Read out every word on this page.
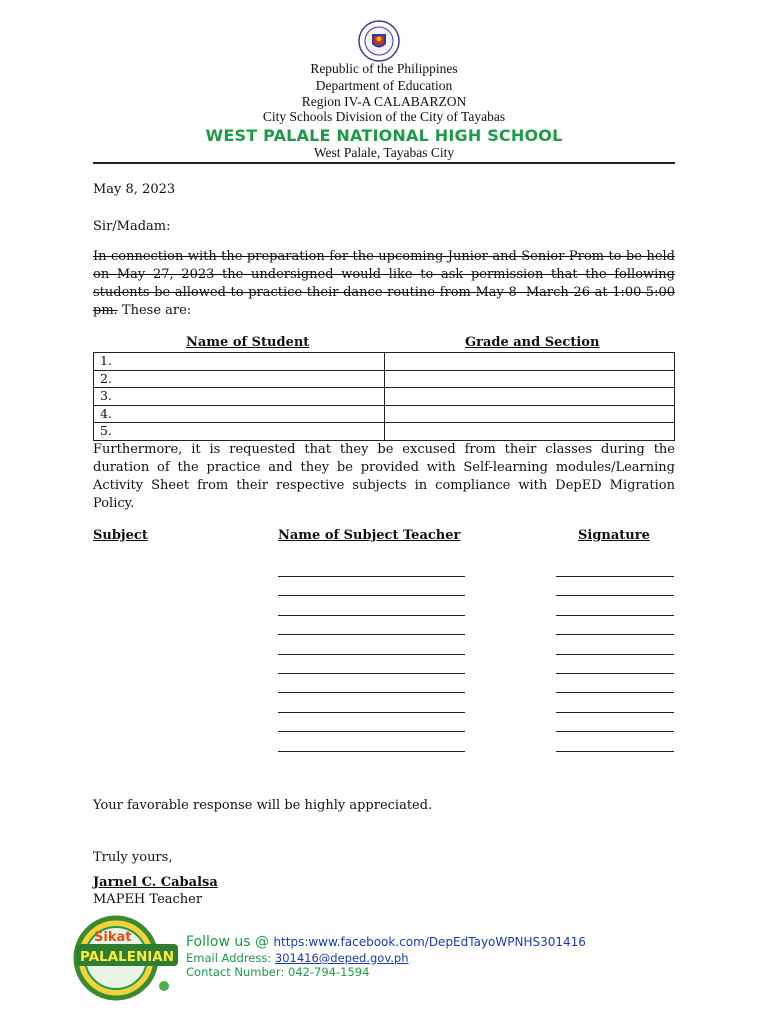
Republic of the Philippines
Department of Education
Region IV-A CALABARZON
City Schools Division of the City of Tayabas
WEST PALALE NATIONAL HIGH SCHOOL
West Palale, Tayabas City
May 8, 2023
Sir/Madam:
In connection with the preparation for the upcoming Junior and Senior Prom to be held on May 27, 2023 the undersigned would like to ask permission that the following students be allowed to practice their dance routine from May 8- March 26 at 1:00-5:00 pm. These are:
Name of Student	Grade and Section
1.	
2.	
3.	
4.	
5.	
Furthermore, it is requested that they be excused from their classes during the duration of the practice and they be provided with Self-learning modules/Learning Activity Sheet from their respective subjects in compliance with DepED Migration Policy.
Subject	Name of Subject Teacher	Signature
Your favorable response will be highly appreciated.
Truly yours,
Jarnel C. Cabalsa
MAPEH Teacher
Sikat
PALALENIAN
Follow us @ https:www.facebook.com/DepEdTayoWPNHS301416
Email Address: 301416@deped.gov.ph
Contact Number: 042-794-1594
